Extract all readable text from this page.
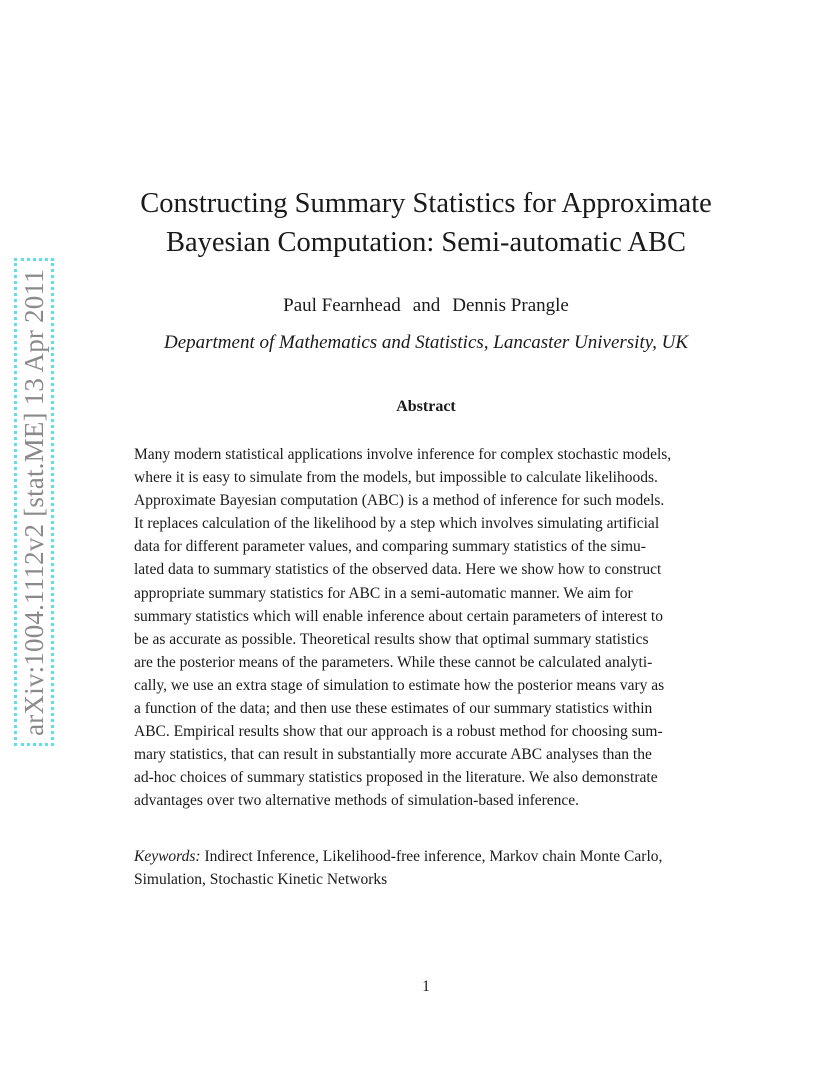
arXiv:1004.1112v2 [stat.ME] 13 Apr 2011
Constructing Summary Statistics for Approximate
Bayesian Computation: Semi-automatic ABC
Paul Fearnhead and Dennis Prangle
Department of Mathematics and Statistics, Lancaster University, UK
Abstract
Many modern statistical applications involve inference for complex stochastic models,
where it is easy to simulate from the models, but impossible to calculate likelihoods.
Approximate Bayesian computation (ABC) is a method of inference for such models.
It replaces calculation of the likelihood by a step which involves simulating artificial
data for different parameter values, and comparing summary statistics of the simu-
lated data to summary statistics of the observed data. Here we show how to construct
appropriate summary statistics for ABC in a semi-automatic manner. We aim for
summary statistics which will enable inference about certain parameters of interest to
be as accurate as possible. Theoretical results show that optimal summary statistics
are the posterior means of the parameters. While these cannot be calculated analyti-
cally, we use an extra stage of simulation to estimate how the posterior means vary as
a function of the data; and then use these estimates of our summary statistics within
ABC. Empirical results show that our approach is a robust method for choosing sum-
mary statistics, that can result in substantially more accurate ABC analyses than the
ad-hoc choices of summary statistics proposed in the literature. We also demonstrate
advantages over two alternative methods of simulation-based inference.
Keywords: Indirect Inference, Likelihood-free inference, Markov chain Monte Carlo,
Simulation, Stochastic Kinetic Networks
1
